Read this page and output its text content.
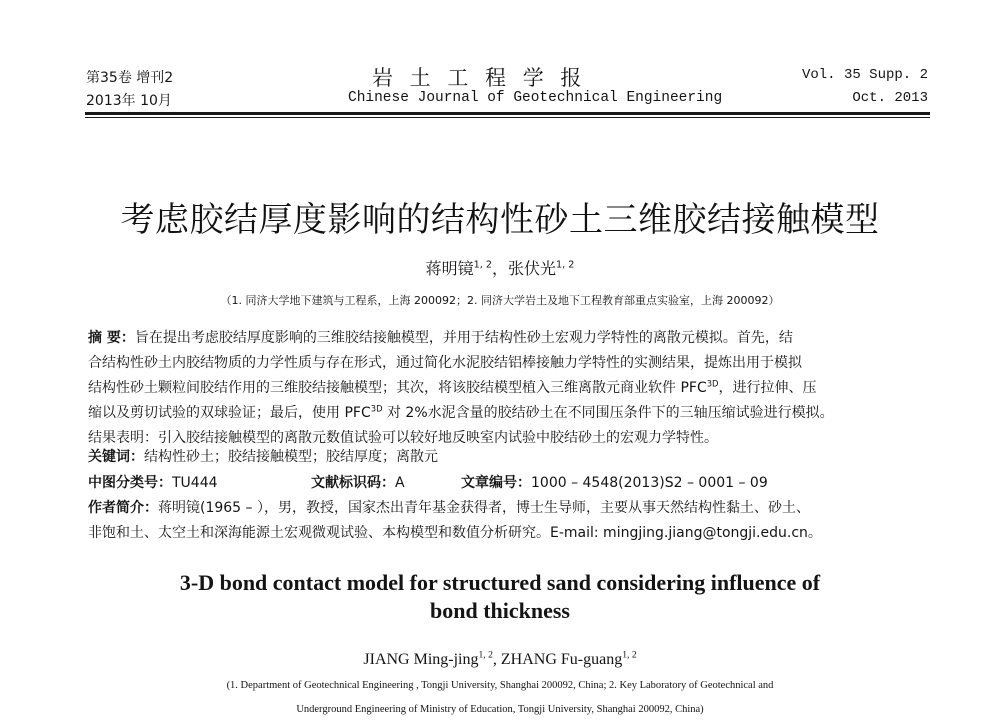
第35卷 增刊2
2013年 10月
岩 土 工 程 学 报
Chinese Journal of Geotechnical Engineering
Vol. 35 Supp. 2
Oct. 2013
考虑胶结厚度影响的结构性砂土三维胶结接触模型
蒋明镜$^{1, 2}$，张伏光$^{1, 2}$
（1. 同济大学地下建筑与工程系，上海 200092；2. 同济大学岩土及地下工程教育部重点实验室，上海 200092）
摘 要：旨在提出考虑胶结厚度影响的三维胶结接触模型，并用于结构性砂土宏观力学特性的离散元模拟。首先，结
合结构性砂土内胶结物质的力学性质与存在形式，通过简化水泥胶结铝棒接触力学特性的实测结果，提炼出用于模拟
结构性砂土颗粒间胶结作用的三维胶结接触模型；其次，将该胶结模型植入三维离散元商业软件 $PFC^{3D}$，进行拉伸、压
缩以及剪切试验的双球验证；最后，使用 $PFC^{3D}$ 对 2%水泥含量的胶结砂土在不同围压条件下的三轴压缩试验进行模拟。
结果表明：引入胶结接触模型的离散元数值试验可以较好地反映室内试验中胶结砂土的宏观力学特性。
关键词：结构性砂土；胶结接触模型；胶结厚度；离散元
中图分类号：TU444	文献标识码：A	文章编号：1000 – 4548(2013)S2 – 0001 – 09
作者简介：蒋明镜(1965 – ），男，教授，国家杰出青年基金获得者，博士生导师，主要从事天然结构性黏土、砂土、
非饱和土、太空土和深海能源土宏观微观试验、本构模型和数值分析研究。E-mail: mingjing.jiang@tongji.edu.cn。
3-D bond contact model for structured sand considering influence of
bond thickness
JIANG Ming-jing$^{1, 2}$, ZHANG Fu-guang$^{1, 2}$
(1. Department of Geotechnical Engineering , Tongji University, Shanghai 200092, China; 2. Key Laboratory of Geotechnical and
Underground Engineering of Ministry of Education, Tongji University, Shanghai 200092, China)
